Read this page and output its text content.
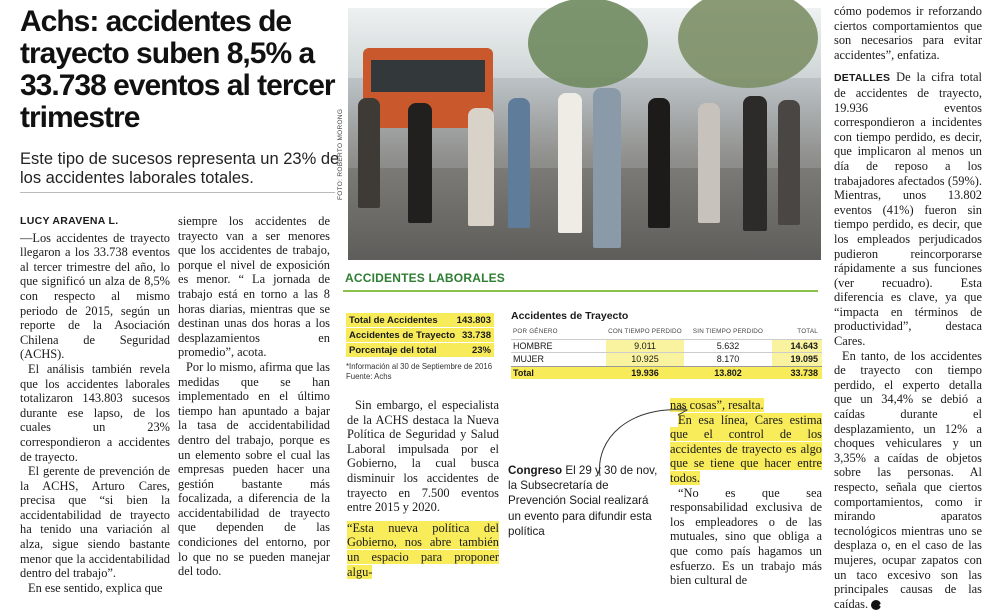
Achs: accidentes de trayecto suben 8,5% a 33.738 eventos al tercer trimestre

Este tipo de sucesos representa un 23% de los accidentes laborales totales.

LUCY ARAVENA L.

—Los accidentes de trayecto llegaron a los 33.738 eventos al tercer trimestre del año, lo que significó un alza de 8,5% con respecto al mismo periodo de 2015, según un reporte de la Asociación Chilena de Seguridad (ACHS).

El análisis también revela que los accidentes laborales totalizaron 143.803 sucesos durante ese lapso, de los cuales un 23% correspondieron a accidentes de trayecto.

El gerente de prevención de la ACHS, Arturo Cares, precisa que “si bien la accidentabilidad de trayecto ha tenido una variación al alza, sigue siendo bastante menor que la accidentabilidad dentro del trabajo”.

En ese sentido, explica que

siempre los accidentes de trayecto van a ser menores que los accidentes de trabajo, porque el nivel de exposición es menor. “ La jornada de trabajo está en torno a las 8 horas diarias, mientras que se destinan unas dos horas a los desplazamientos en promedio”, acota.

Por lo mismo, afirma que las medidas que se han implementado en el último tiempo han apuntado a bajar la tasa de accidentabilidad dentro del trabajo, porque es un elemento sobre el cual las empresas pueden hacer una gestión bastante más focalizada, a diferencia de la accidentabilidad de trayecto que dependen de las condiciones del entorno, por lo que no se pueden manejar del todo.

FOTO: ROBERTO MORONG
ACCIDENTES LABORALES
Total de Accidentes 143.803
Accidentes de Trayecto 33.738
Porcentaje del total	23%
*Información al 30 de Septiembre de 2016
Fuente: Achs
Accidentes de Trayecto
POR GÉNERO	CON TIEMPO PERDIDO	SIN TIEMPO PERDIDO	TOTAL
HOMBRE	9.011	5.632	14.643
MUJER	10.925	8.170	19.095
Total	19.936	13.802	33.738

Sin embargo, el especialista de la ACHS destaca la Nueva Política de Seguridad y Salud Laboral impulsada por el Gobierno, la cual busca disminuir los accidentes de trayecto en 7.500 eventos entre 2015 y 2020.

“Esta nueva política del Gobierno, nos abre también un espacio para proponer algu-

nas cosas”, resalta.

En esa línea, Cares estima que el control de los accidentes de trayecto es algo que se tiene que hacer entre todos.

“No es que sea responsabilidad exclusiva de los empleadores o de las mutuales, sino que obliga a que como país hagamos un esfuerzo. Es un trabajo más bien cultural de

Congreso El 29 y 30 de nov, la Subsecretaría de Prevención Social realizará un evento para difundir esta política

cómo podemos ir reforzando ciertos comportamientos que son necesarios para evitar accidentes”, enfatiza.

DETALLES De la cifra total de accidentes de trayecto, 19.936 eventos correspondieron a incidentes con tiempo perdido, es decir, que implicaron al menos un día de reposo a los trabajadores afectados (59%). Mientras, unos 13.802 eventos (41%) fueron sin tiempo perdido, es decir, que los empleados perjudicados pudieron reincorporarse rápidamente a sus funciones (ver recuadro). Esta diferencia es clave, ya que “impacta en términos de productividad”, destaca Cares.

En tanto, de los accidentes de trayecto con tiempo perdido, el experto detalla que un 34,4% se debió a caídas durante el desplazamiento, un 12% a choques vehiculares y un 3,35% a caídas de objetos sobre las personas. Al respecto, señala que ciertos comportamientos, como ir mirando aparatos tecnológicos mientras uno se desplaza o, en el caso de las mujeres, ocupar zapatos con un taco excesivo son las principales causas de las caídas. ◆
